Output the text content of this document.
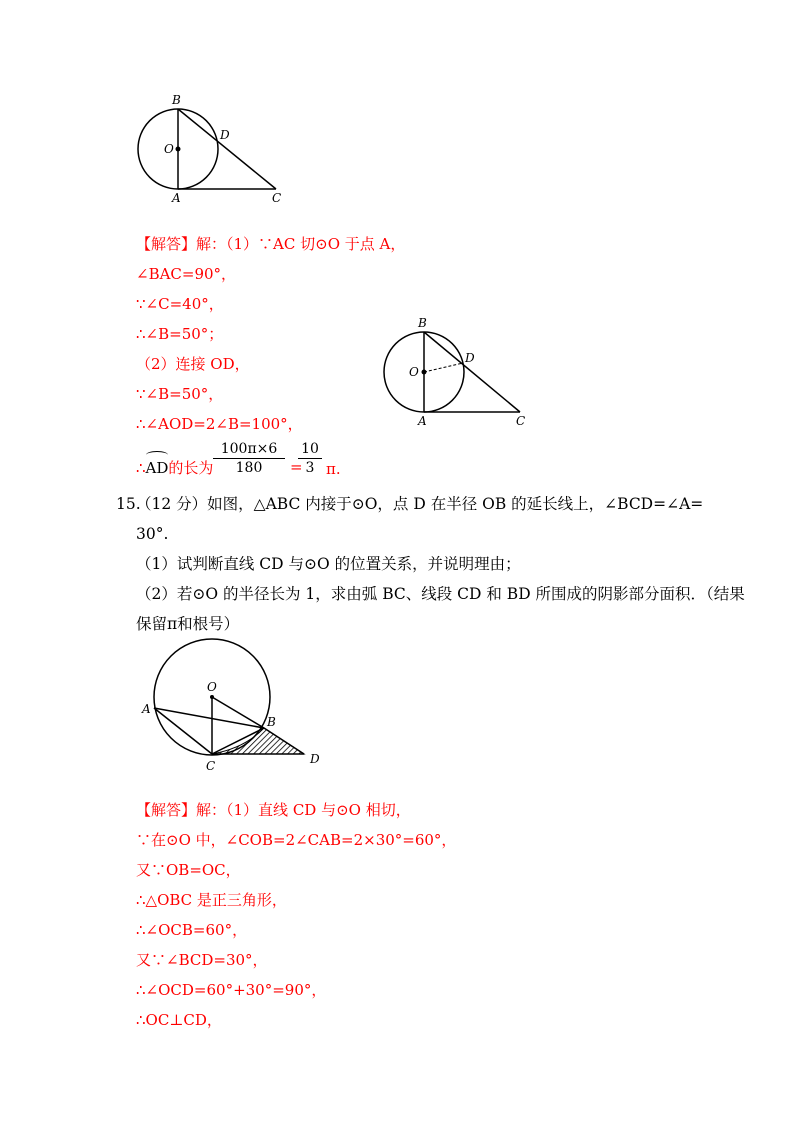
B
O
D
A	C
B
O
D
A	C
O
A
B
C	D
【解答】解：（1）∵AC 切⊙O 于点 A，
∠BAC=90°，
∵∠C=40°，
∴∠B=50°；
（2）连接 OD，
∵∠B=50°，
∴∠AOD=2∠B=100°，
∴
AD的长为
100π×6
180	=
10
3 π.
15.
（12 分）如图，△ABC 内接于⊙O，点 D 在半径 OB 的延长线上，∠BCD=∠A=
30°.
（1）试判断直线 CD 与⊙O 的位置关系，并说明理由；
（2）若⊙O 的半径长为 1，求由弧 BC、线段 CD 和 BD 所围成的阴影部分面积．（结果
保留π和根号）
【解答】解：（1）直线 CD 与⊙O 相切，
∵在⊙O 中，∠COB=2∠CAB=2×30°=60°，
又∵OB=OC，
∴△OBC 是正三角形，
∴∠OCB=60°，
又∵∠BCD=30°，
∴∠OCD=60°+30°=90°，
∴OC⊥CD，
